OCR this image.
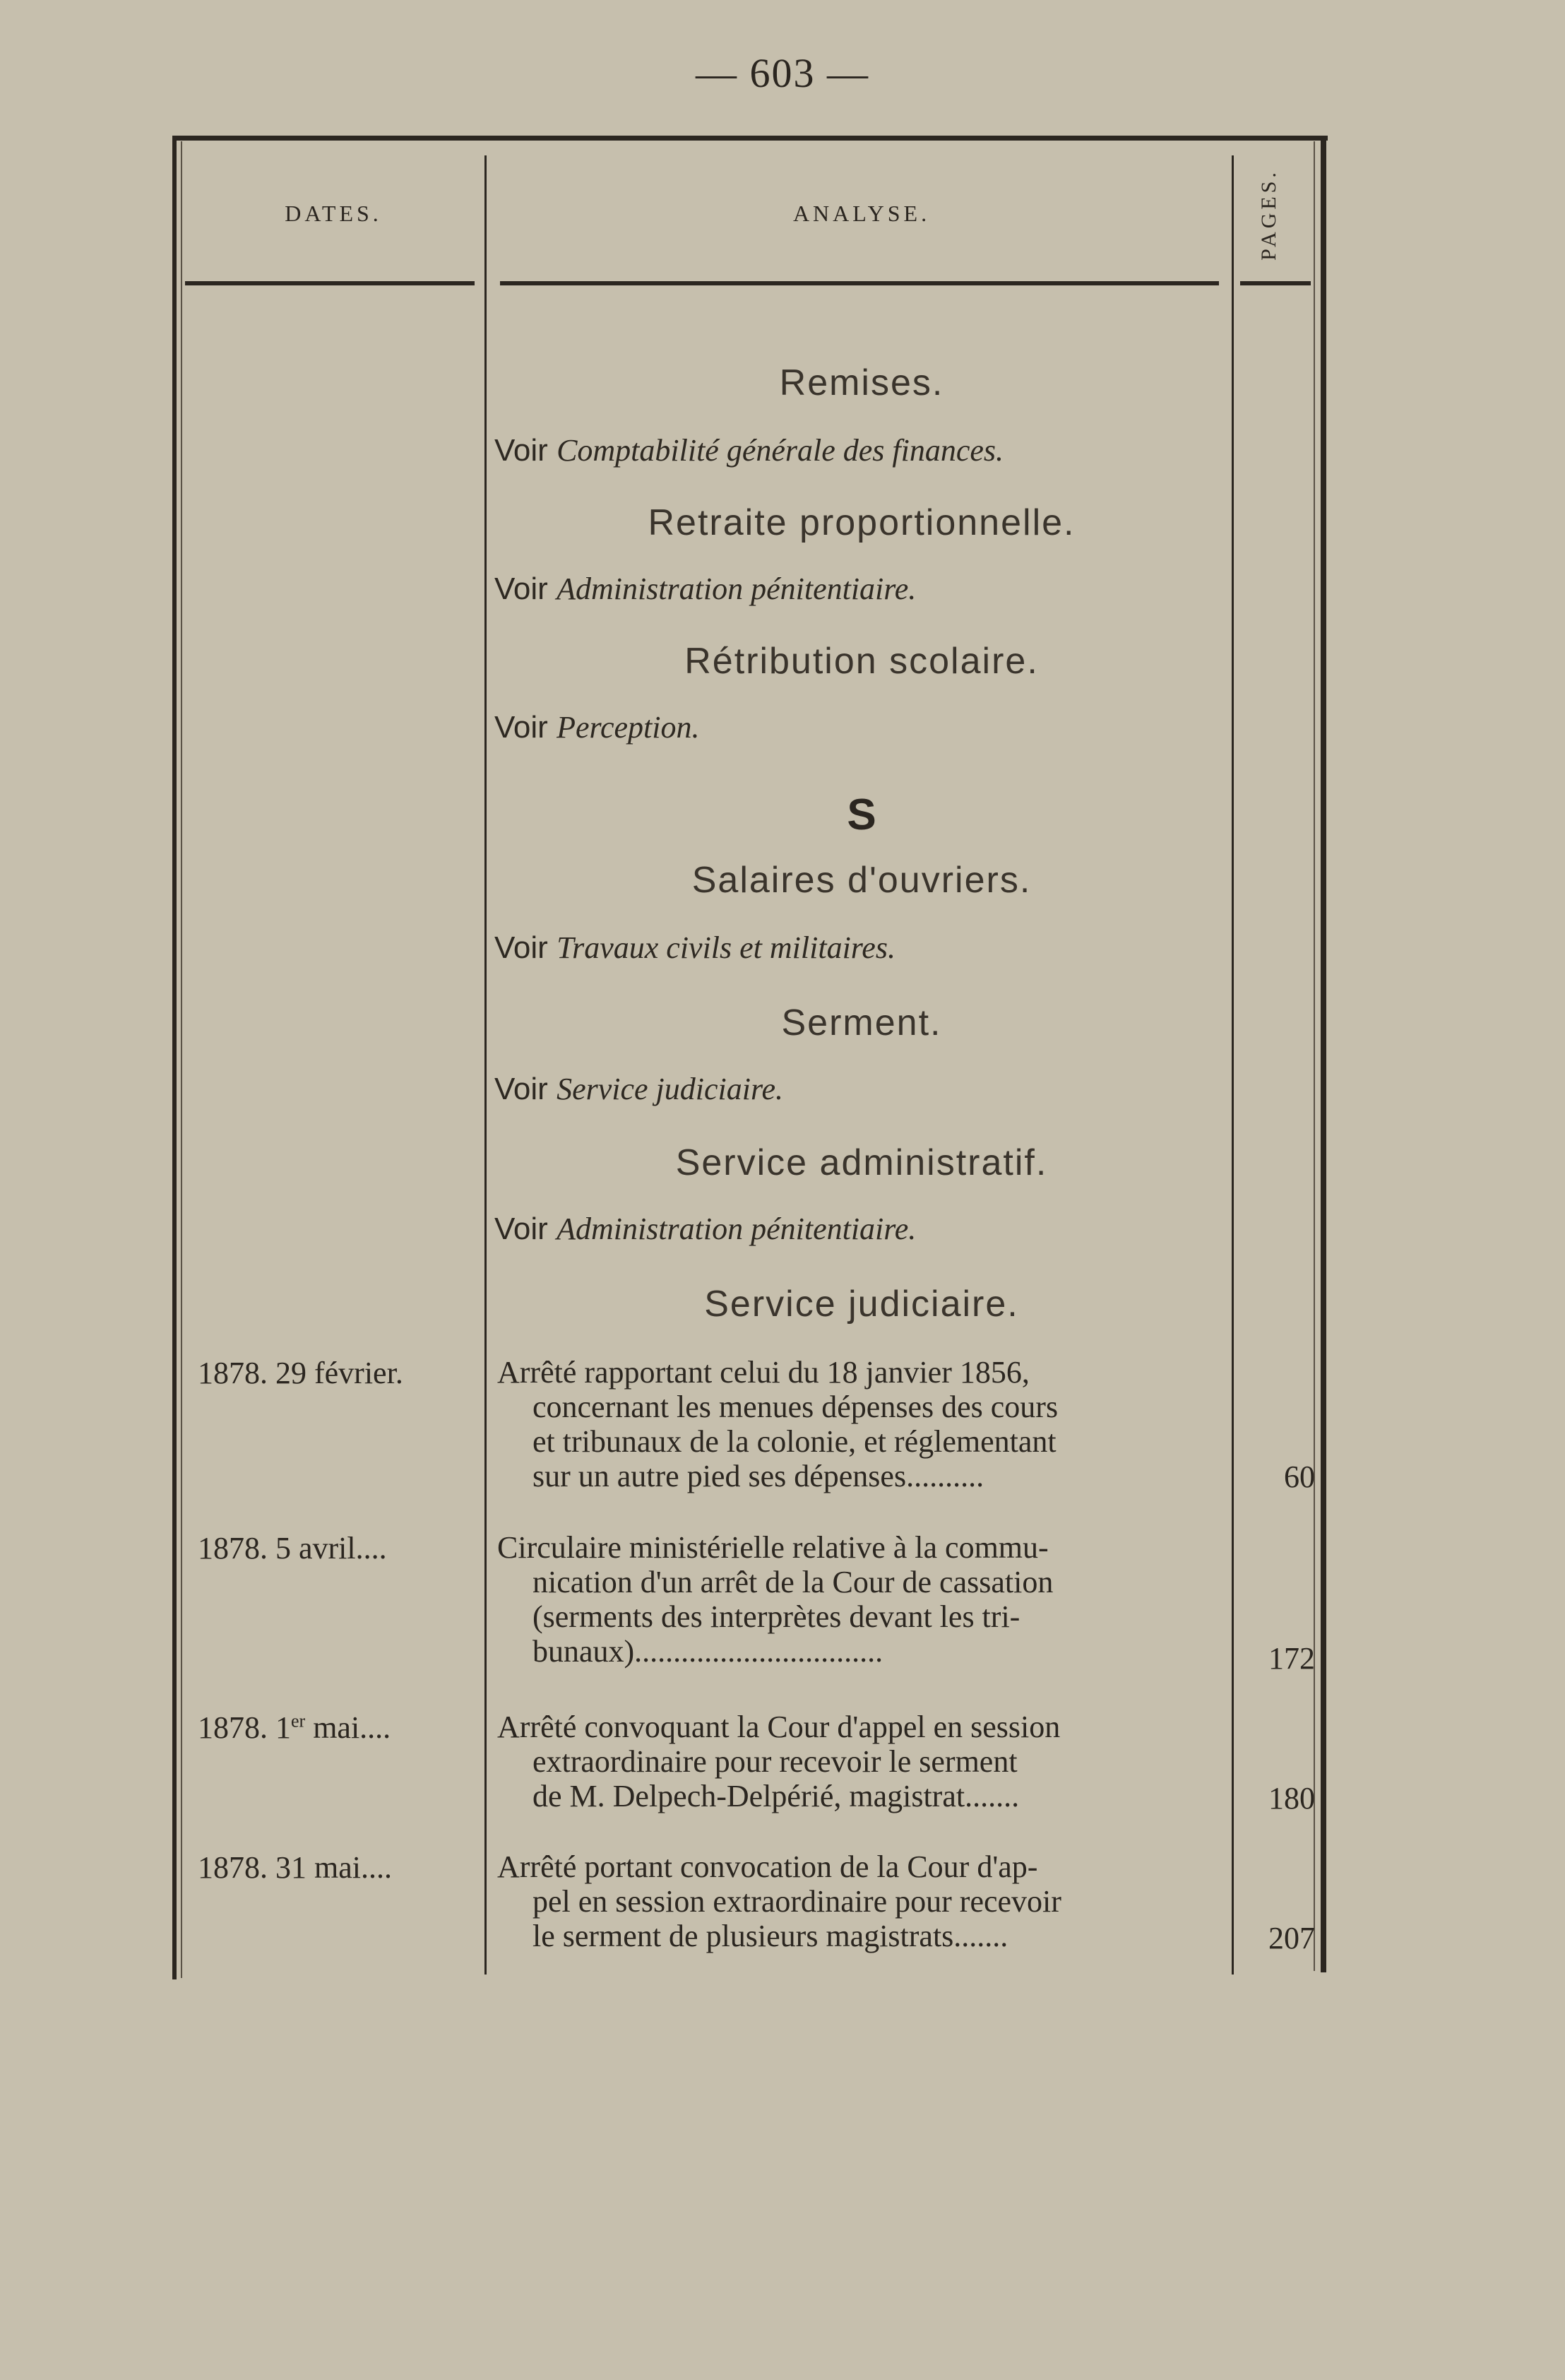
— 603 —
DATES.	ANALYSE.	PAGES.
Remises.
Voir Comptabilité générale des finances.
Retraite proportionnelle.
Voir Administration pénitentiaire.
Rétribution scolaire.
Voir Perception.
S
Salaires d'ouvriers.
Voir Travaux civils et militaires.
Serment.
Voir Service judiciaire.
Service administratif.
Voir Administration pénitentiaire.
Service judiciaire.
1878. 29 février.	Arrêté rapportant celui du 18 janvier 1856,
concernant les menues dépenses des cours
et tribunaux de la colonie, et réglementant
sur un autre pied ses dépenses..........	60
1878. 5 avril....	Circulaire ministérielle relative à la commu-
nication d'un arrêt de la Cour de cassation
(serments des interprètes devant les tri-
bunaux)................................	172
1878. 1er mai....	Arrêté convoquant la Cour d'appel en session
extraordinaire pour recevoir le serment
de M. Delpech-Delpérié, magistrat.......	180
1878. 31 mai....	Arrêté portant convocation de la Cour d'ap-
pel en session extraordinaire pour recevoir
le serment de plusieurs magistrats.......	207
